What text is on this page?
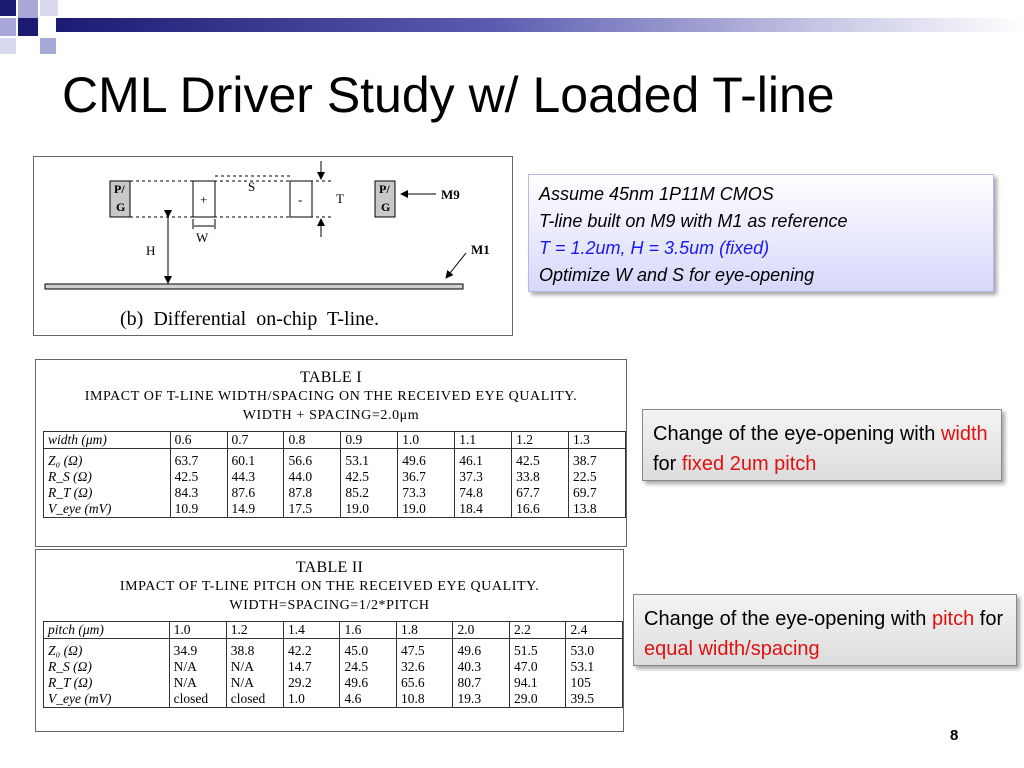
CML Driver Study w/ Loaded T-line
P/
G	+	-
P/
G
S
T
W
H
M9
M1
(b)  Differential  on-chip  T-line.
Assume 45nm 1P11M CMOS
T-line built on M9 with M1 as reference
T = 1.2um, H = 3.5um (fixed)
Optimize W and S for eye-opening
TABLE I
IMPACT OF T-LINE WIDTH/SPACING ON THE RECEIVED EYE QUALITY.
WIDTH + SPACING=2.0μm
width (μm)	0.6	0.7	0.8	0.9	1.0	1.1	1.2	1.3

Z₀ (Ω)	63.7	60.1	56.6	53.1	49.6	46.1	42.5	38.7
R_S (Ω)	42.5	44.3	44.0	42.5	36.7	37.3	33.8	22.5
R_T (Ω)	84.3	87.6	87.8	85.2	73.3	74.8	67.7	69.7
V_eye (mV)	10.9	14.9	17.5	19.0	19.0	18.4	16.6	13.8
TABLE II
IMPACT OF T-LINE PITCH ON THE RECEIVED EYE QUALITY.
WIDTH=SPACING=1/2*PITCH
pitch (μm)	1.0	1.2	1.4	1.6	1.8	2.0	2.2	2.4

Z₀ (Ω)	34.9	38.8	42.2	45.0	47.5	49.6	51.5	53.0
R_S (Ω)	N/A	N/A	14.7	24.5	32.6	40.3	47.0	53.1
R_T (Ω)	N/A	N/A	29.2	49.6	65.6	80.7	94.1	105
V_eye (mV)	closed	closed	1.0	4.6	10.8	19.3	29.0	39.5
Change of the eye-opening with width for fixed 2um pitch
Change of the eye-opening with pitch for equal width/spacing
8
